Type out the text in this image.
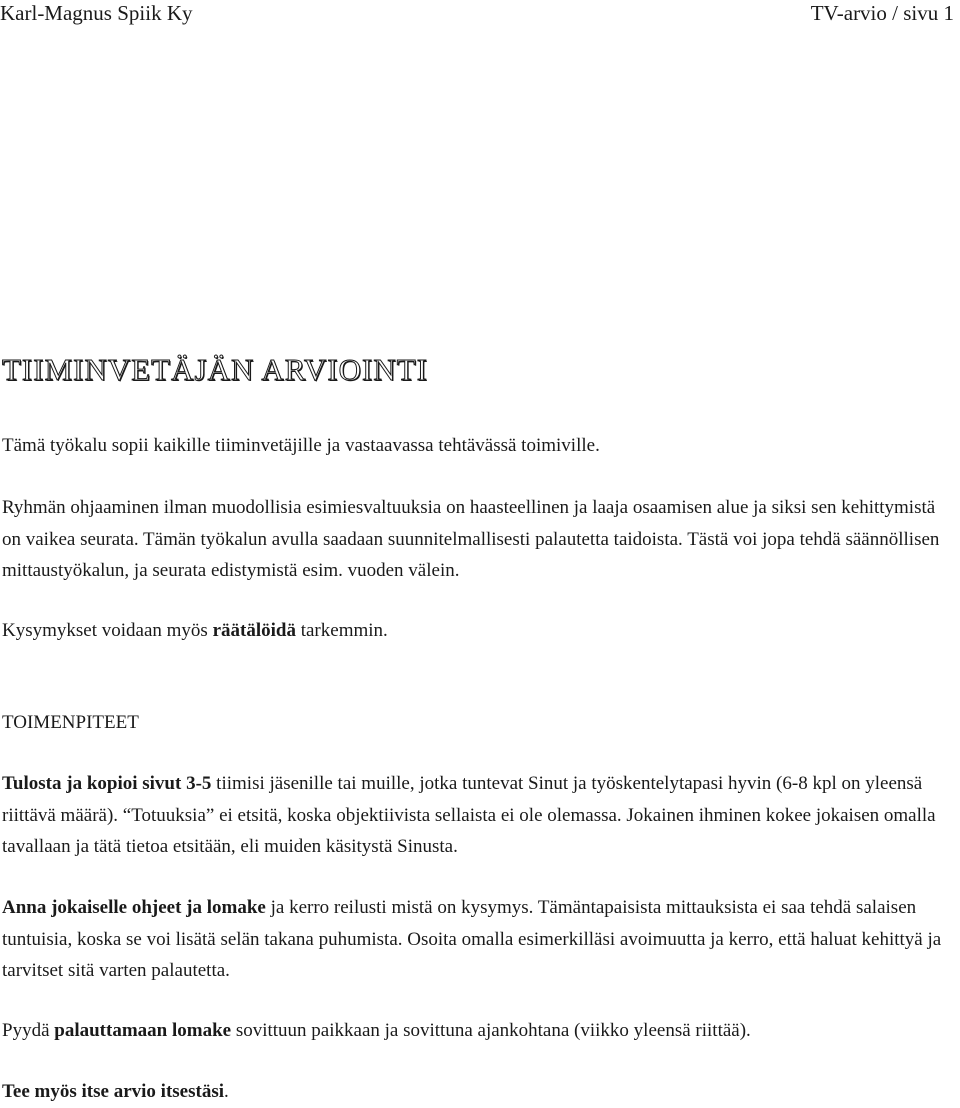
Karl-Magnus Spiik Ky	TV-arvio / sivu 1
TIIMINVETÄJÄN ARVIOINTI

Tämä työkalu sopii kaikille tiiminvetäjille ja vastaavassa tehtävässä toimiville.

Ryhmän ohjaaminen ilman muodollisia esimiesvaltuuksia on haasteellinen ja laaja osaamisen alue ja siksi sen kehittymistä on vaikea seurata. Tämän työkalun avulla saadaan suunnitelmallisesti palautetta taidoista. Tästä voi jopa tehdä säännöllisen mittaustyökalun, ja seurata edistymistä esim. vuoden välein.

Kysymykset voidaan myös räätälöidä tarkemmin.

TOIMENPITEET

Tulosta ja kopioi sivut 3-5 tiimisi jäsenille tai muille, jotka tuntevat Sinut ja työskentelytapasi hyvin (6-8 kpl on yleensä riittävä määrä). “Totuuksia” ei etsitä, koska objektiivista sellaista ei ole olemassa. Jokainen ihminen kokee jokaisen omalla tavallaan ja tätä tietoa etsitään, eli muiden käsitystä Sinusta.

Anna jokaiselle ohjeet ja lomake ja kerro reilusti mistä on kysymys. Tämäntapaisista mittauksista ei saa tehdä salaisen tuntuisia, koska se voi lisätä selän takana puhumista. Osoita omalla esimerkilläsi avoimuutta ja kerro, että haluat kehittyä ja tarvitset sitä varten palautetta.

Pyydä palauttamaan lomake sovittuun paikkaan ja sovittuna ajankohtana (viikko yleensä riittää).

Tee myös itse arvio itsestäsi.
